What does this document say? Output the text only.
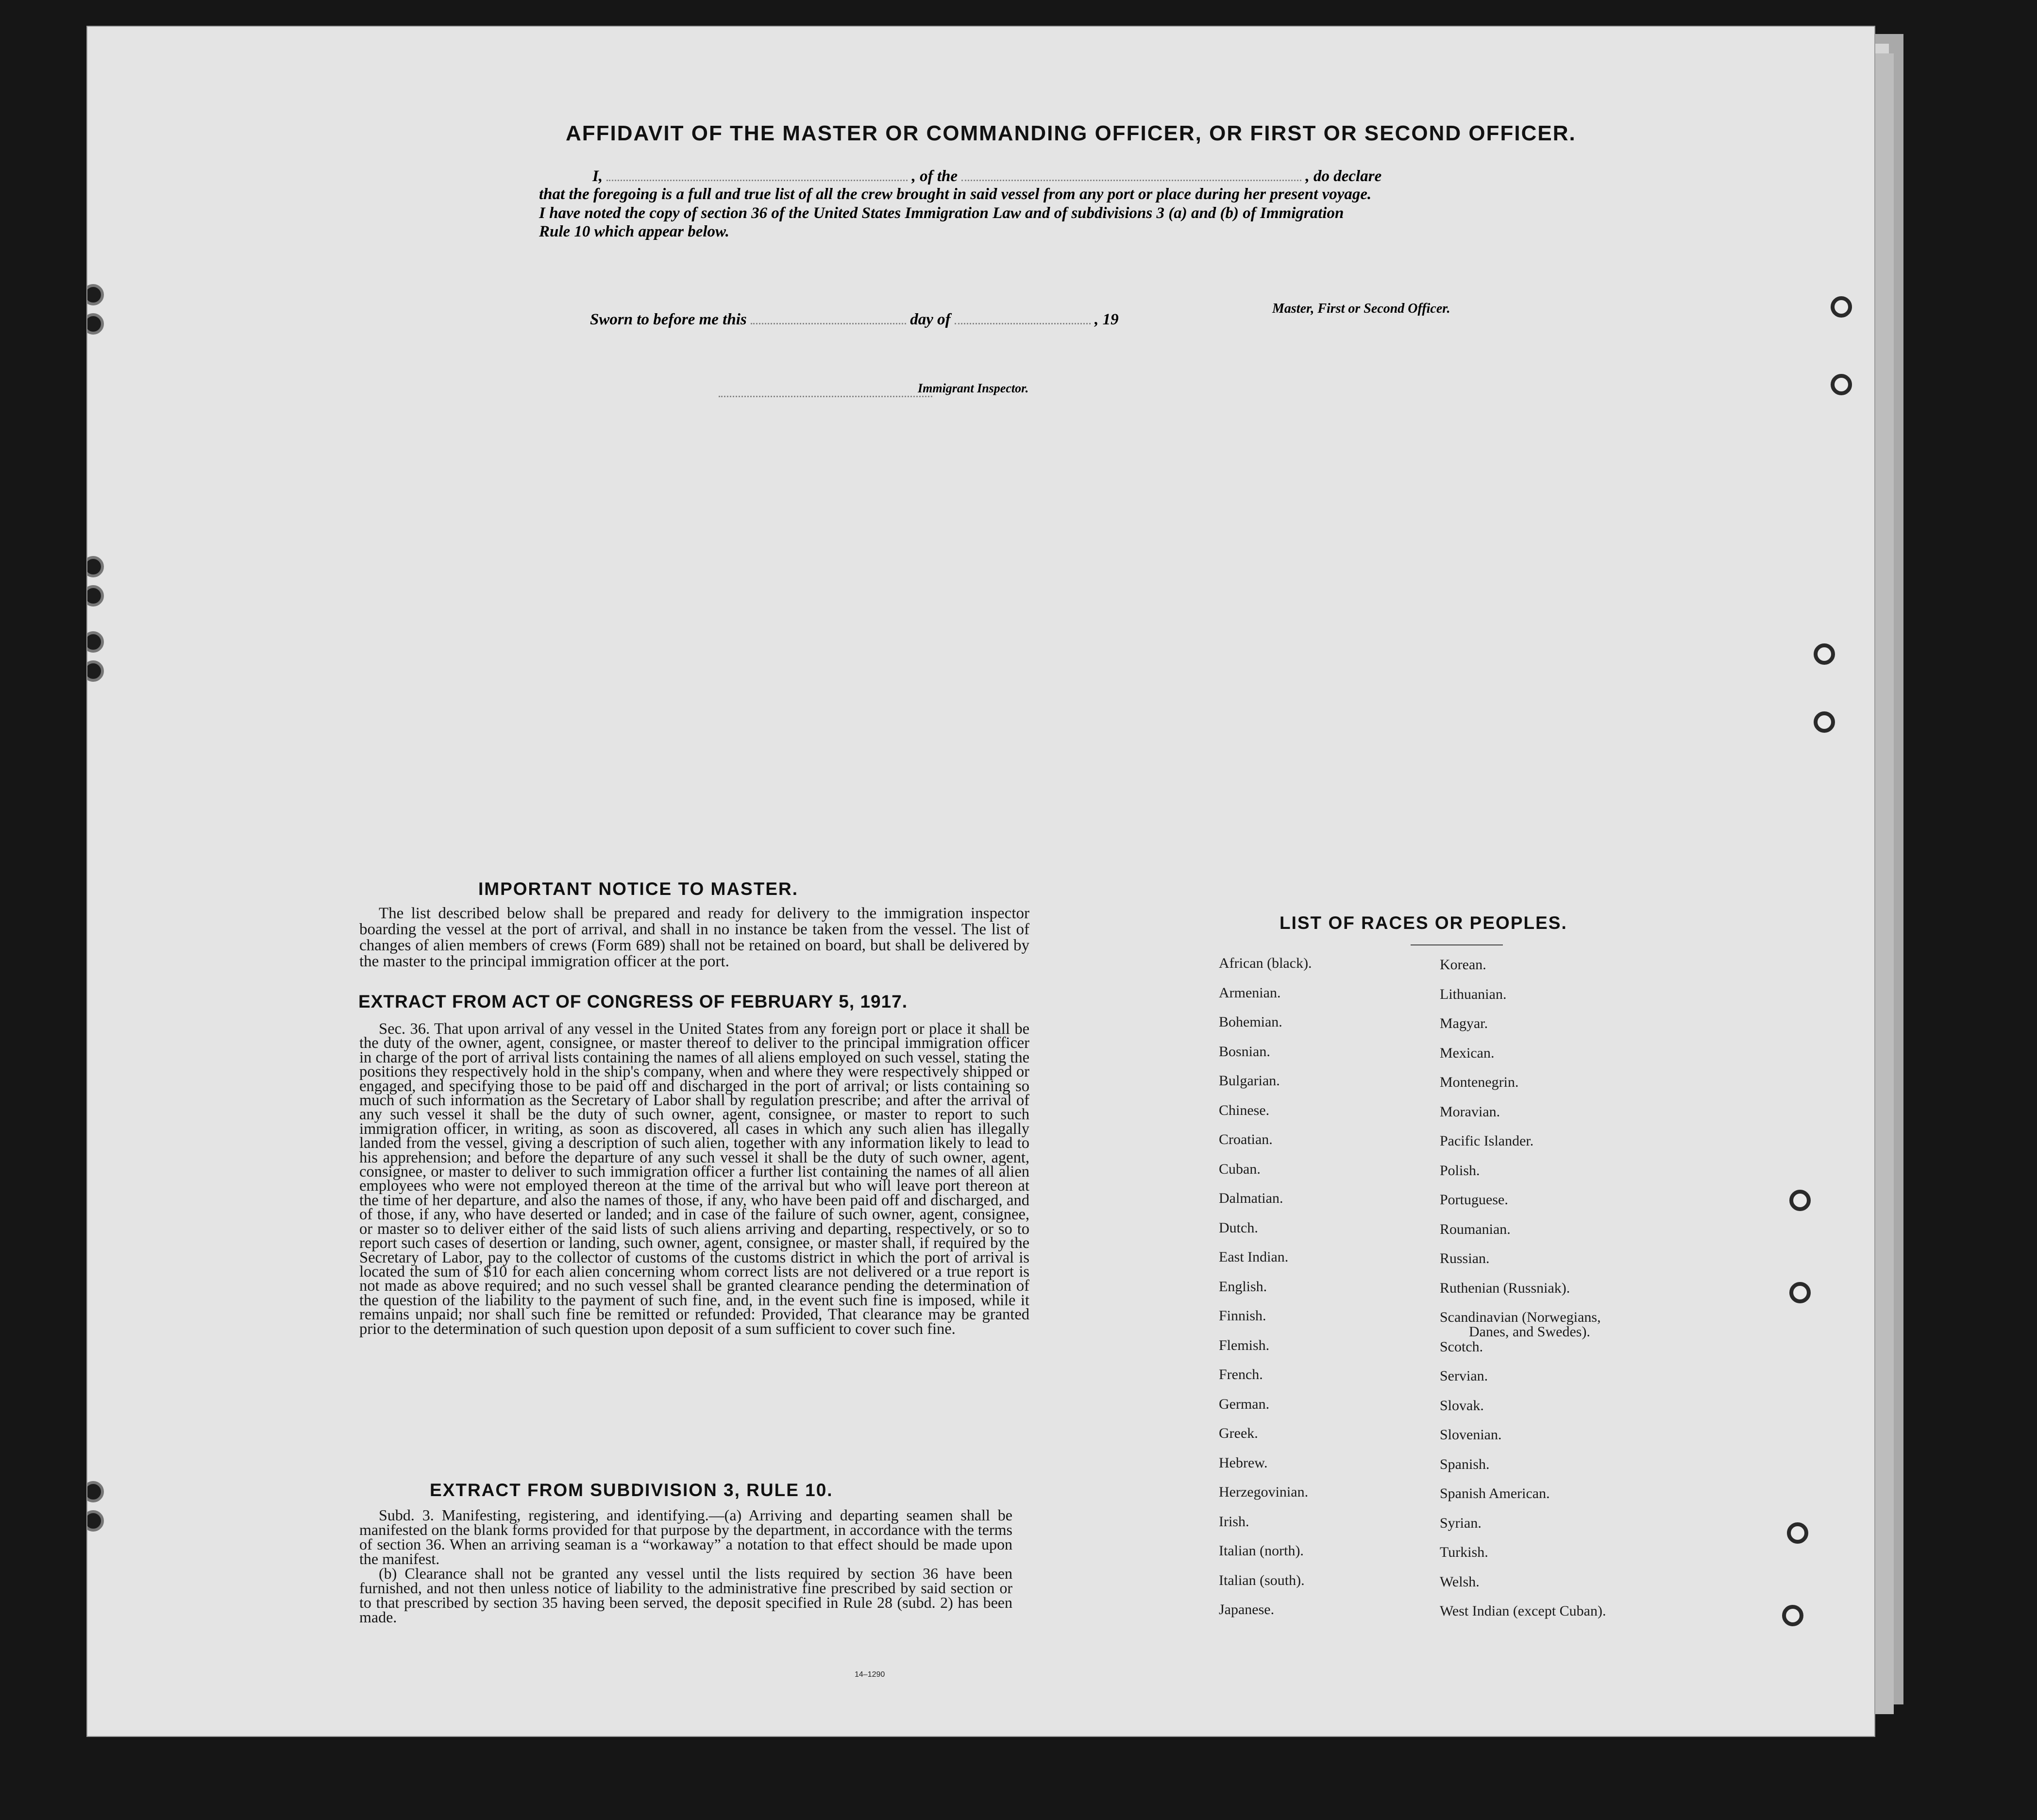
AFFIDAVIT OF THE MASTER OR COMMANDING OFFICER, OR FIRST OR SECOND OFFICER.
I,	, of the	, do declare
that the foregoing is a full and true list of all the crew brought in said vessel from any port or place during her present voyage.
I have noted the copy of section 36 of the United States Immigration Law and of subdivisions 3 (a) and (b) of Immigration
Rule 10 which appear below.
Master, First or Second Officer.
Sworn to before me this	day of	, 19
Immigrant Inspector.
IMPORTANT NOTICE TO MASTER.

The list described below shall be prepared and ready for delivery to the immigration inspector boarding the vessel at the port of arrival, and shall in no instance be taken from the vessel. The list of changes of alien members of crews (Form 689) shall not be retained on board, but shall be delivered by the master to the principal immigration officer at the port.

EXTRACT FROM ACT OF CONGRESS OF FEBRUARY 5, 1917.

Sec. 36. That upon arrival of any vessel in the United States from any foreign port or place it shall be the duty of the owner, agent, consignee, or master thereof to deliver to the principal immigration officer in charge of the port of arrival lists containing the names of all aliens employed on such vessel, stating the positions they respectively hold in the ship's company, when and where they were respectively shipped or engaged, and specifying those to be paid off and discharged in the port of arrival; or lists containing so much of such information as the Secretary of Labor shall by regulation prescribe; and after the arrival of any such vessel it shall be the duty of such owner, agent, consignee, or master to report to such immigration officer, in writing, as soon as discovered, all cases in which any such alien has illegally landed from the vessel, giving a description of such alien, together with any information likely to lead to his apprehension; and before the departure of any such vessel it shall be the duty of such owner, agent, consignee, or master to deliver to such immigration officer a further list containing the names of all alien employees who were not employed thereon at the time of the arrival but who will leave port thereon at the time of her departure, and also the names of those, if any, who have been paid off and discharged, and of those, if any, who have deserted or landed; and in case of the failure of such owner, agent, consignee, or master so to deliver either of the said lists of such aliens arriving and departing, respectively, or so to report such cases of desertion or landing, such owner, agent, consignee, or master shall, if required by the Secretary of Labor, pay to the collector of customs of the customs district in which the port of arrival is located the sum of $10 for each alien concerning whom correct lists are not delivered or a true report is not made as above required; and no such vessel shall be granted clearance pending the determination of the question of the liability to the payment of such fine, and, in the event such fine is imposed, while it remains unpaid; nor shall such fine be remitted or refunded: Provided, That clearance may be granted prior to the determination of such question upon deposit of a sum sufficient to cover such fine.

EXTRACT FROM SUBDIVISION 3, RULE 10.

Subd. 3. Manifesting, registering, and identifying.—(a) Arriving and departing seamen shall be manifested on the blank forms provided for that purpose by the department, in accordance with the terms of section 36. When an arriving seaman is a “workaway” a notation to that effect should be made upon the manifest.

(b) Clearance shall not be granted any vessel until the lists required by section 36 have been furnished, and not then unless notice of liability to the administrative fine prescribed by said section or to that prescribed by section 35 having been served, the deposit specified in Rule 28 (subd. 2) has been made.

14–1290
LIST OF RACES OR PEOPLES.
African (black).
Armenian.
Bohemian.
Bosnian.
Bulgarian.
Chinese.
Croatian.
Cuban.
Dalmatian.
Dutch.
East Indian.
English.
Finnish.
Flemish.
French.
German.
Greek.
Hebrew.
Herzegovinian.
Irish.
Italian (north).
Italian (south).
Japanese.
Korean.
Lithuanian.
Magyar.
Mexican.
Montenegrin.
Moravian.
Pacific Islander.
Polish.
Portuguese.
Roumanian.
Russian.
Ruthenian (Russniak).
Scandinavian (Norwegians,
Danes, and Swedes).
Scotch.
Servian.
Slovak.
Slovenian.
Spanish.
Spanish American.
Syrian.
Turkish.
Welsh.
West Indian (except Cuban).
